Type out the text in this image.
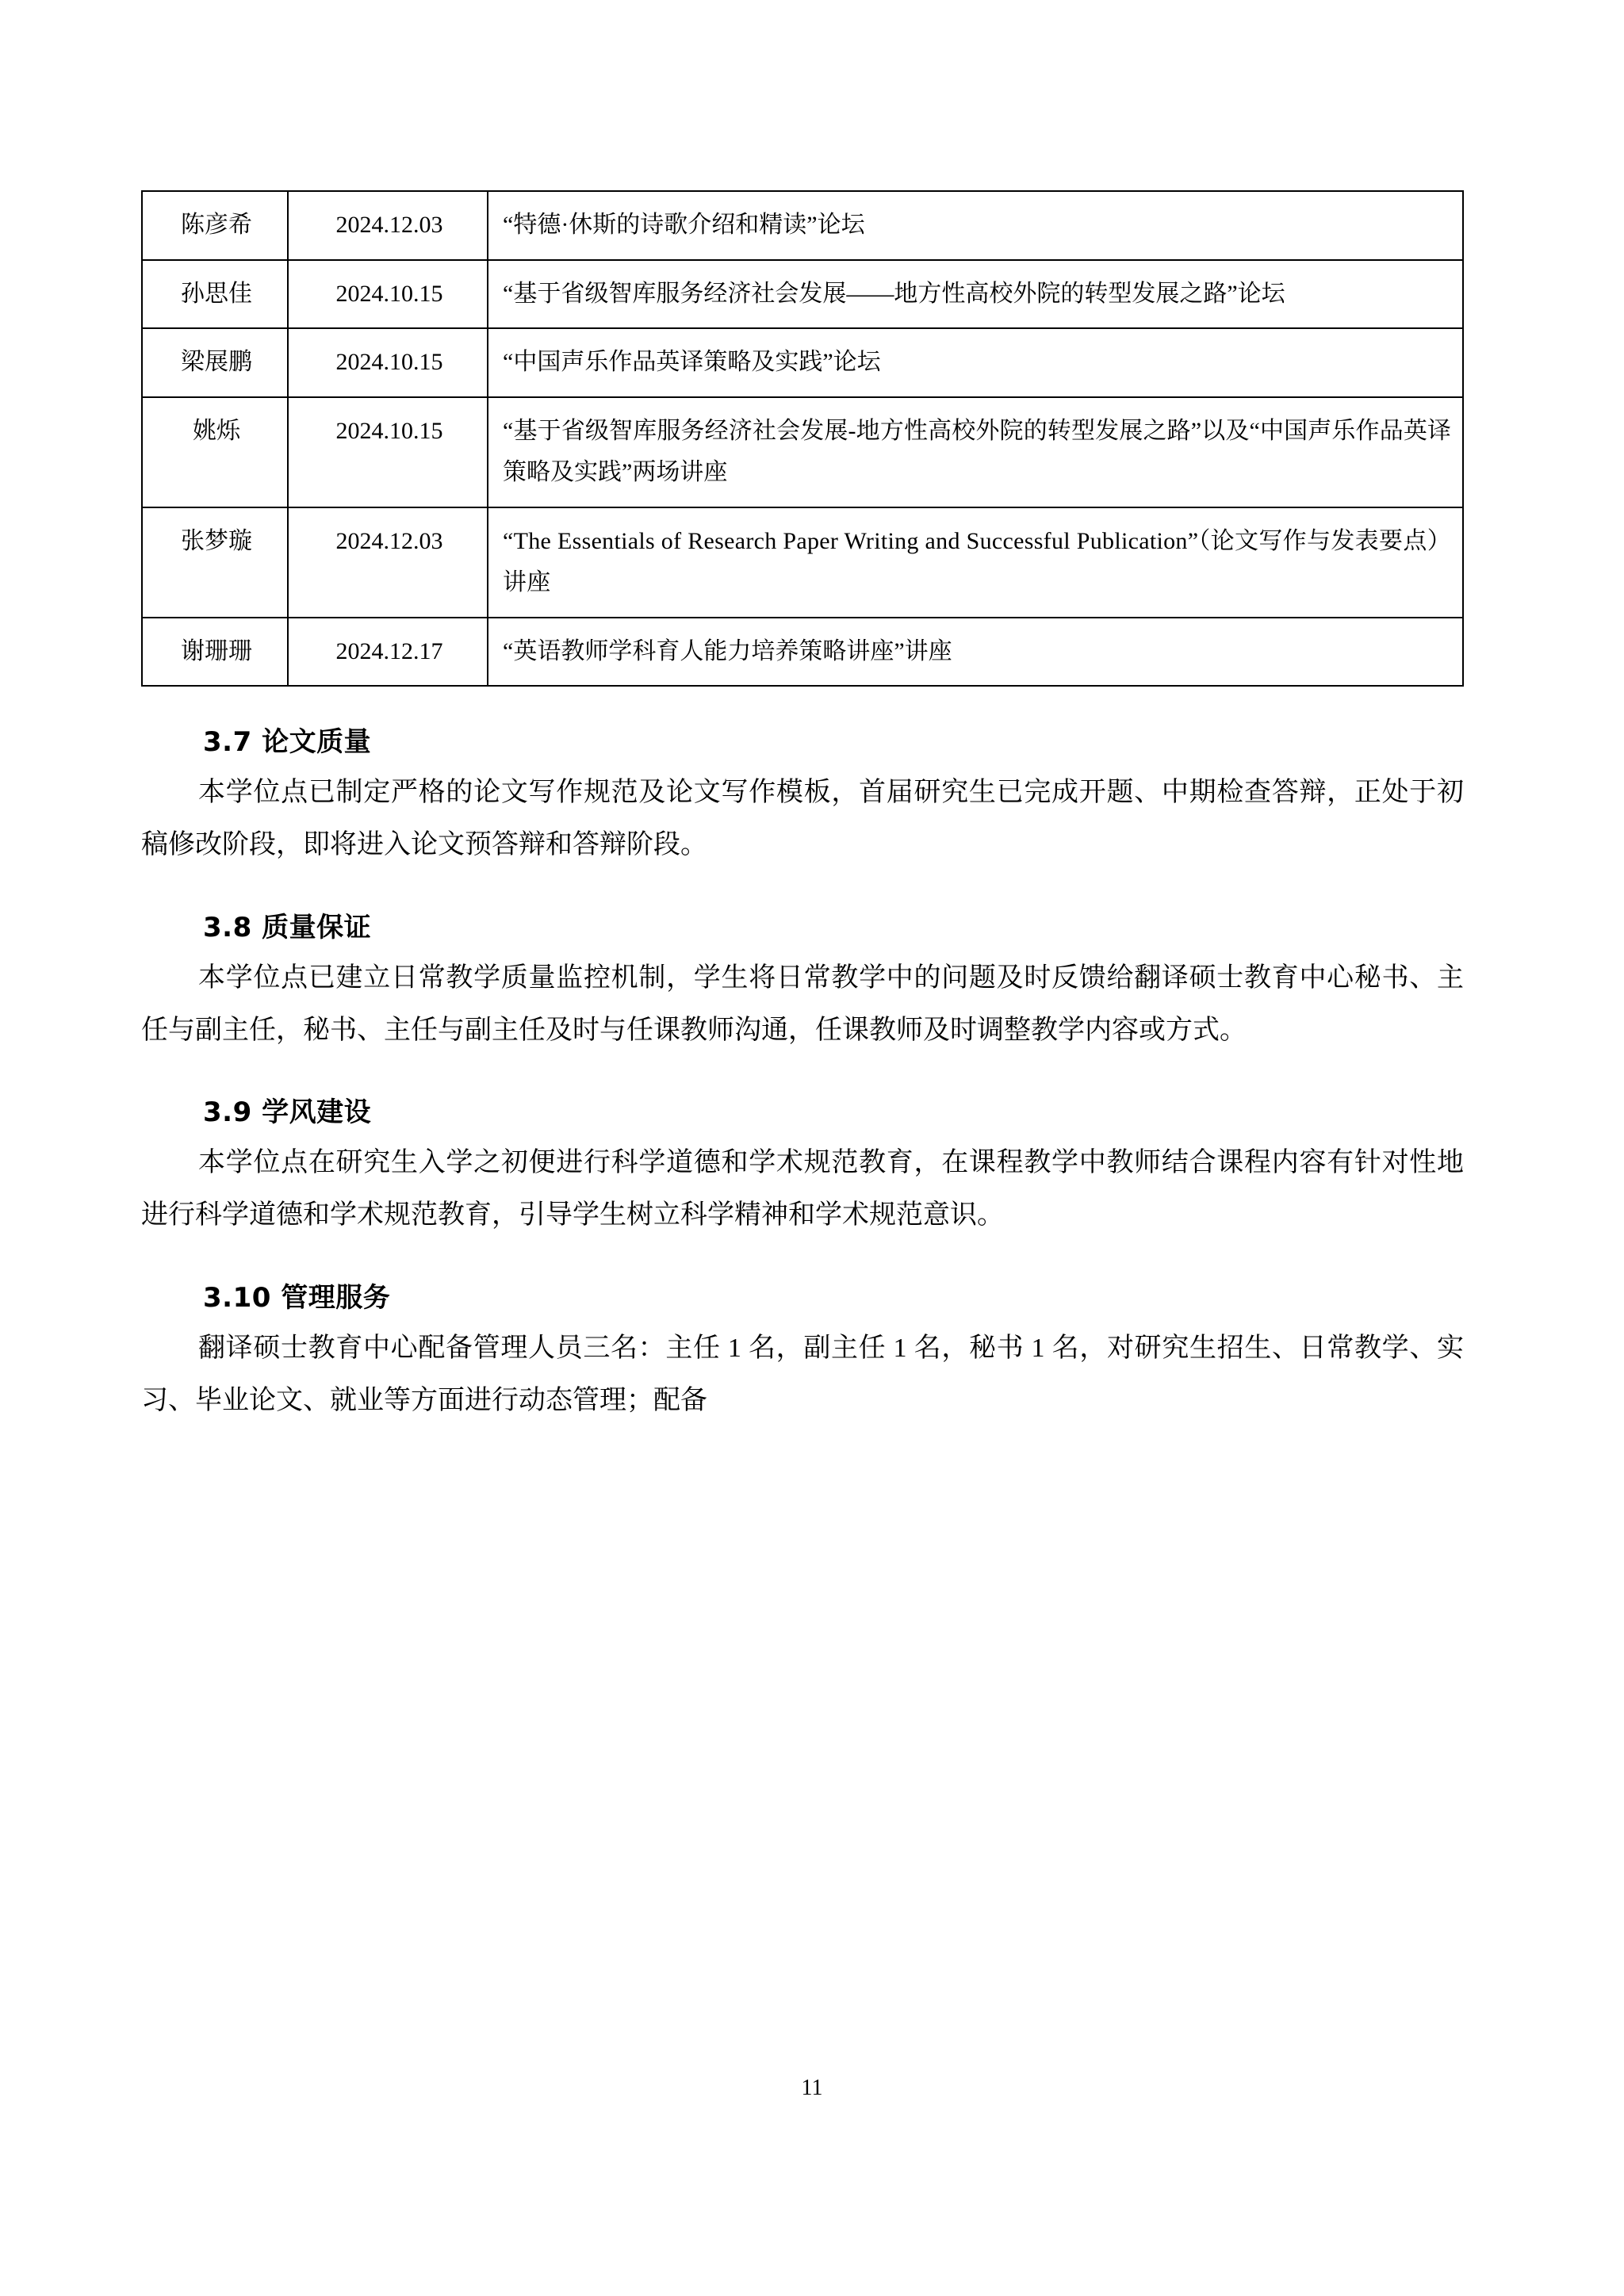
陈彦希	2024.12.03	“特德·休斯的诗歌介绍和精读”论坛
孙思佳	2024.10.15	“基于省级智库服务经济社会发展——地方性高校外院的转型发展之路”论坛
梁展鹏	2024.10.15	“中国声乐作品英译策略及实践”论坛
姚烁	2024.10.15	“基于省级智库服务经济社会发展-地方性高校外院的转型发展之路”以及“中国声乐作品英译策略及实践”两场讲座
张梦璇	2024.12.03	“The Essentials of Research Paper Writing and Successful Publication”（论文写作与发表要点）讲座
谢珊珊	2024.12.17	“英语教师学科育人能力培养策略讲座”讲座
3.7 论文质量

本学位点已制定严格的论文写作规范及论文写作模板，首届研究生已完成开题、中期检查答辩，正处于初稿修改阶段，即将进入论文预答辩和答辩阶段。

3.8 质量保证

本学位点已建立日常教学质量监控机制，学生将日常教学中的问题及时反馈给翻译硕士教育中心秘书、主任与副主任，秘书、主任与副主任及时与任课教师沟通，任课教师及时调整教学内容或方式。

3.9 学风建设

本学位点在研究生入学之初便进行科学道德和学术规范教育，在课程教学中教师结合课程内容有针对性地进行科学道德和学术规范教育，引导学生树立科学精神和学术规范意识。

3.10 管理服务

翻译硕士教育中心配备管理人员三名：主任 1 名，副主任 1 名，秘书 1 名，对研究生招生、日常教学、实习、毕业论文、就业等方面进行动态管理；配备

11
